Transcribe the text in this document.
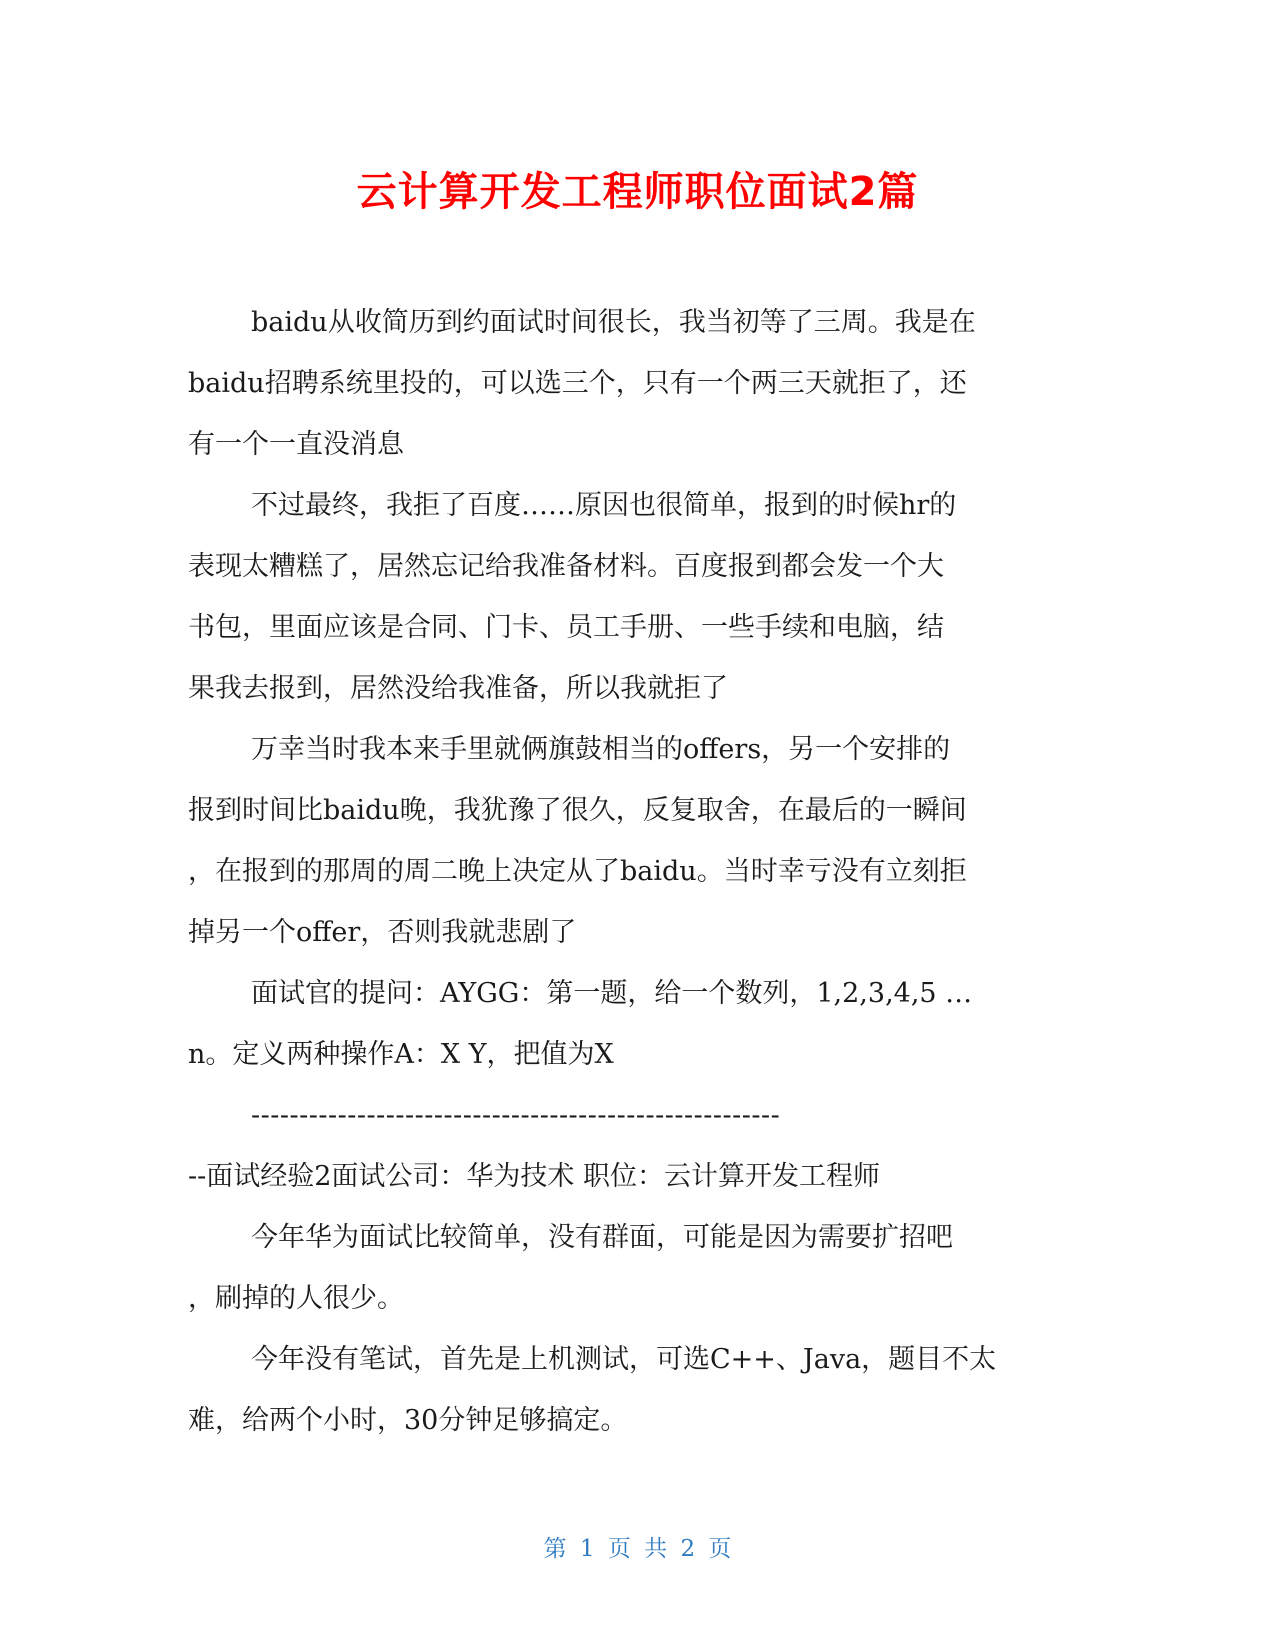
云计算开发工程师职位面试2篇
baidu从收简历到约面试时间很长，我当初等了三周。我是在
baidu招聘系统里投的，可以选三个，只有一个两三天就拒了，还
有一个一直没消息
不过最终，我拒了百度……原因也很简单，报到的时候hr的
表现太糟糕了，居然忘记给我准备材料。百度报到都会发一个大
书包，里面应该是合同、门卡、员工手册、一些手续和电脑，结
果我去报到，居然没给我准备，所以我就拒了
万幸当时我本来手里就俩旗鼓相当的offers，另一个安排的
报到时间比baidu晚，我犹豫了很久，反复取舍，在最后的一瞬间
，在报到的那周的周二晚上决定从了baidu。当时幸亏没有立刻拒
掉另一个offer，否则我就悲剧了
面试官的提问：AYGG：第一题，给一个数列，1,2,3,4,5 …
n。定义两种操作A：X Y，把值为X
-------------------------------------------------------
--面试经验2面试公司：华为技术 职位：云计算开发工程师
今年华为面试比较简单，没有群面，可能是因为需要扩招吧
，刷掉的人很少。
今年没有笔试，首先是上机测试，可选C++、Java，题目不太
难，给两个小时，30分钟足够搞定。
第 1 页 共 2 页
